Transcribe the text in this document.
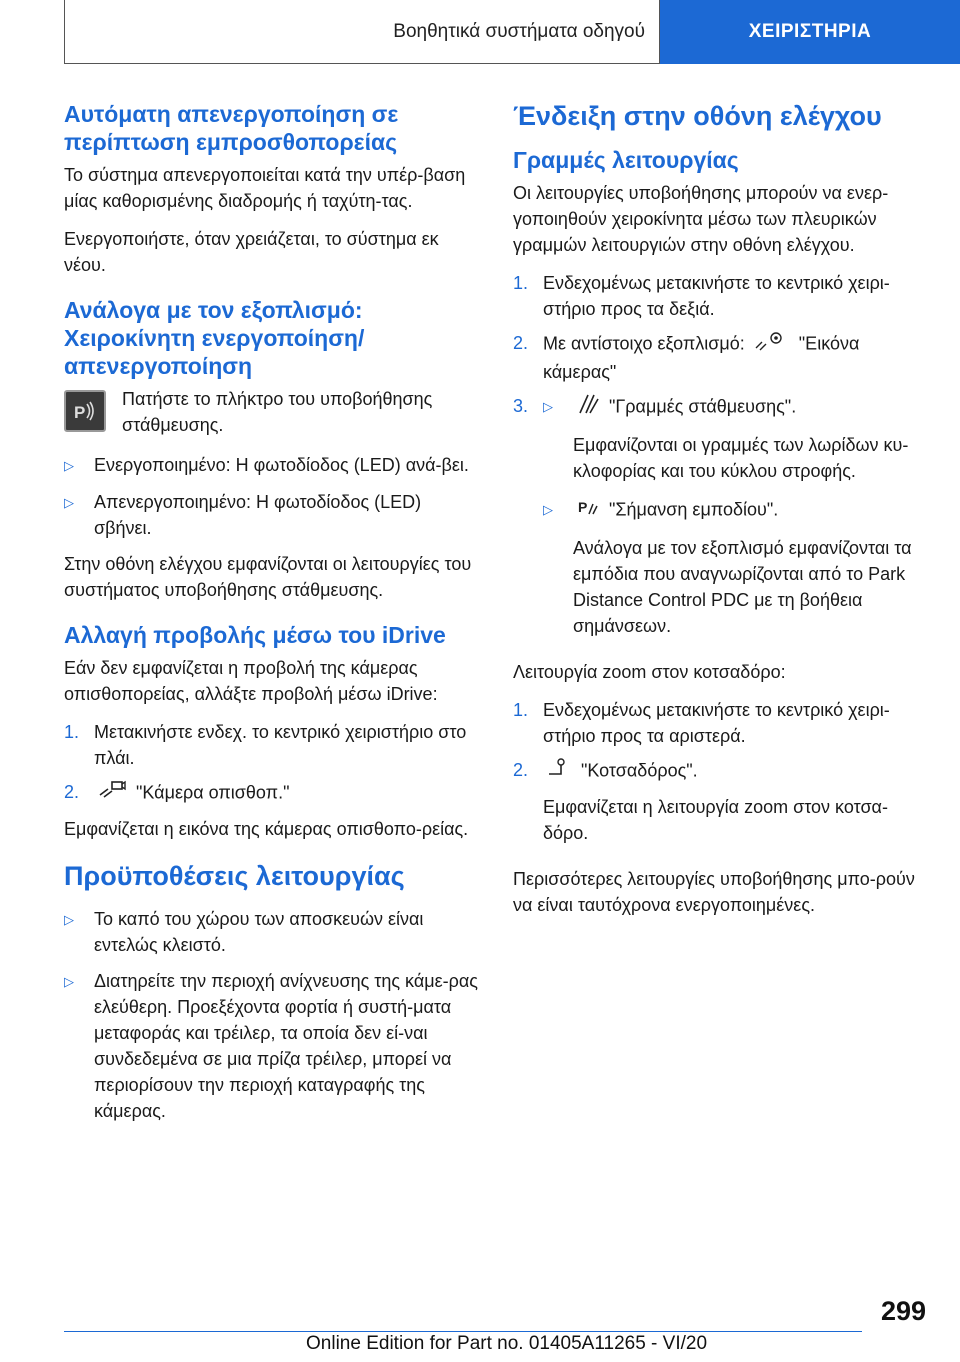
Βοηθητικά συστήματα οδηγού	ΧΕΙΡΙΣΤΗΡΙΑ
Αυτόματη απενεργοποίηση σε περίπτωση εμπροσθοπορείας

Το σύστημα απενεργοποιείται κατά την υπέρ-βαση μίας καθορισμένης διαδρομής ή ταχύτη-τας.

Ενεργοποιήστε, όταν χρειάζεται, το σύστημα εκ νέου.

Ανάλογα με τον εξοπλισμό: Χειροκίνητη ενεργοποίηση/ απενεργοποίηση
P
Πατήστε το πλήκτρο του υποβοήθησης στάθμευσης.
▷	Ενεργοποιημένο: Η φωτοδίοδος (LED) ανά-βει.
▷	Απενεργοποιημένο: Η φωτοδίοδος (LED) σβήνει.

Στην οθόνη ελέγχου εμφανίζονται οι λειτουργίες του συστήματος υποβοήθησης στάθμευσης.

Αλλαγή προβολής μέσω του iDrive

Εάν δεν εμφανίζεται η προβολή της κάμερας οπισθοπορείας, αλλάξτε προβολή μέσω iDrive:

1. Μετακινήστε ενδεχ. το κεντρικό χειριστήριο στο πλάι.
2.	"Κάμερα οπισθοπ."

Εμφανίζεται η εικόνα της κάμερας οπισθοπο-ρείας.

Προϋποθέσεις λειτουργίας
▷	Το καπό του χώρου των αποσκευών είναι εντελώς κλειστό.
▷	Διατηρείτε την περιοχή ανίχνευσης της κάμε-ρας ελεύθερη. Προεξέχοντα φορτία ή συστή-ματα μεταφοράς και τρέιλερ, τα οποία δεν εί-ναι συνδεδεμένα σε μια πρίζα τρέιλερ, μπορεί να περιορίσουν την περιοχή καταγραφής της κάμερας.
Ένδειξη στην οθόνη ελέγχου
Γραμμές λειτουργίας

Οι λειτουργίες υποβοήθησης μπορούν να ενερ-γοποιηθούν χειροκίνητα μέσω των πλευρικών γραμμών λειτουργιών στην οθόνη ελέγχου.

1. Ενδεχομένως μετακινήστε το κεντρικό χειρι-στήριο προς τα δεξιά.
2. Με αντίστοιχο εξοπλισμό:	"Εικόνα κάμερας"
3.	▷	"Γραμμές στάθμευσης".

Εμφανίζονται οι γραμμές των λωρίδων κυ-κλοφορίας και του κύκλου στροφής.

▷	P "Σήμανση εμποδίου".

Ανάλογα με τον εξοπλισμό εμφανίζονται τα εμπόδια που αναγνωρίζονται από το Park Distance Control PDC με τη βοήθεια σημάνσεων.

Λειτουργία zoom στον κοτσαδόρο:

1. Ενδεχομένως μετακινήστε το κεντρικό χειρι-στήριο προς τα αριστερά.
2.	"Κοτσαδόρος".

Εμφανίζεται η λειτουργία zoom στον κοτσα-δόρο.

Περισσότερες λειτουργίες υποβοήθησης μπο-ρούν να είναι ταυτόχρονα ενεργοποιημένες.

299
Online Edition for Part no. 01405A11265 - VI/20
